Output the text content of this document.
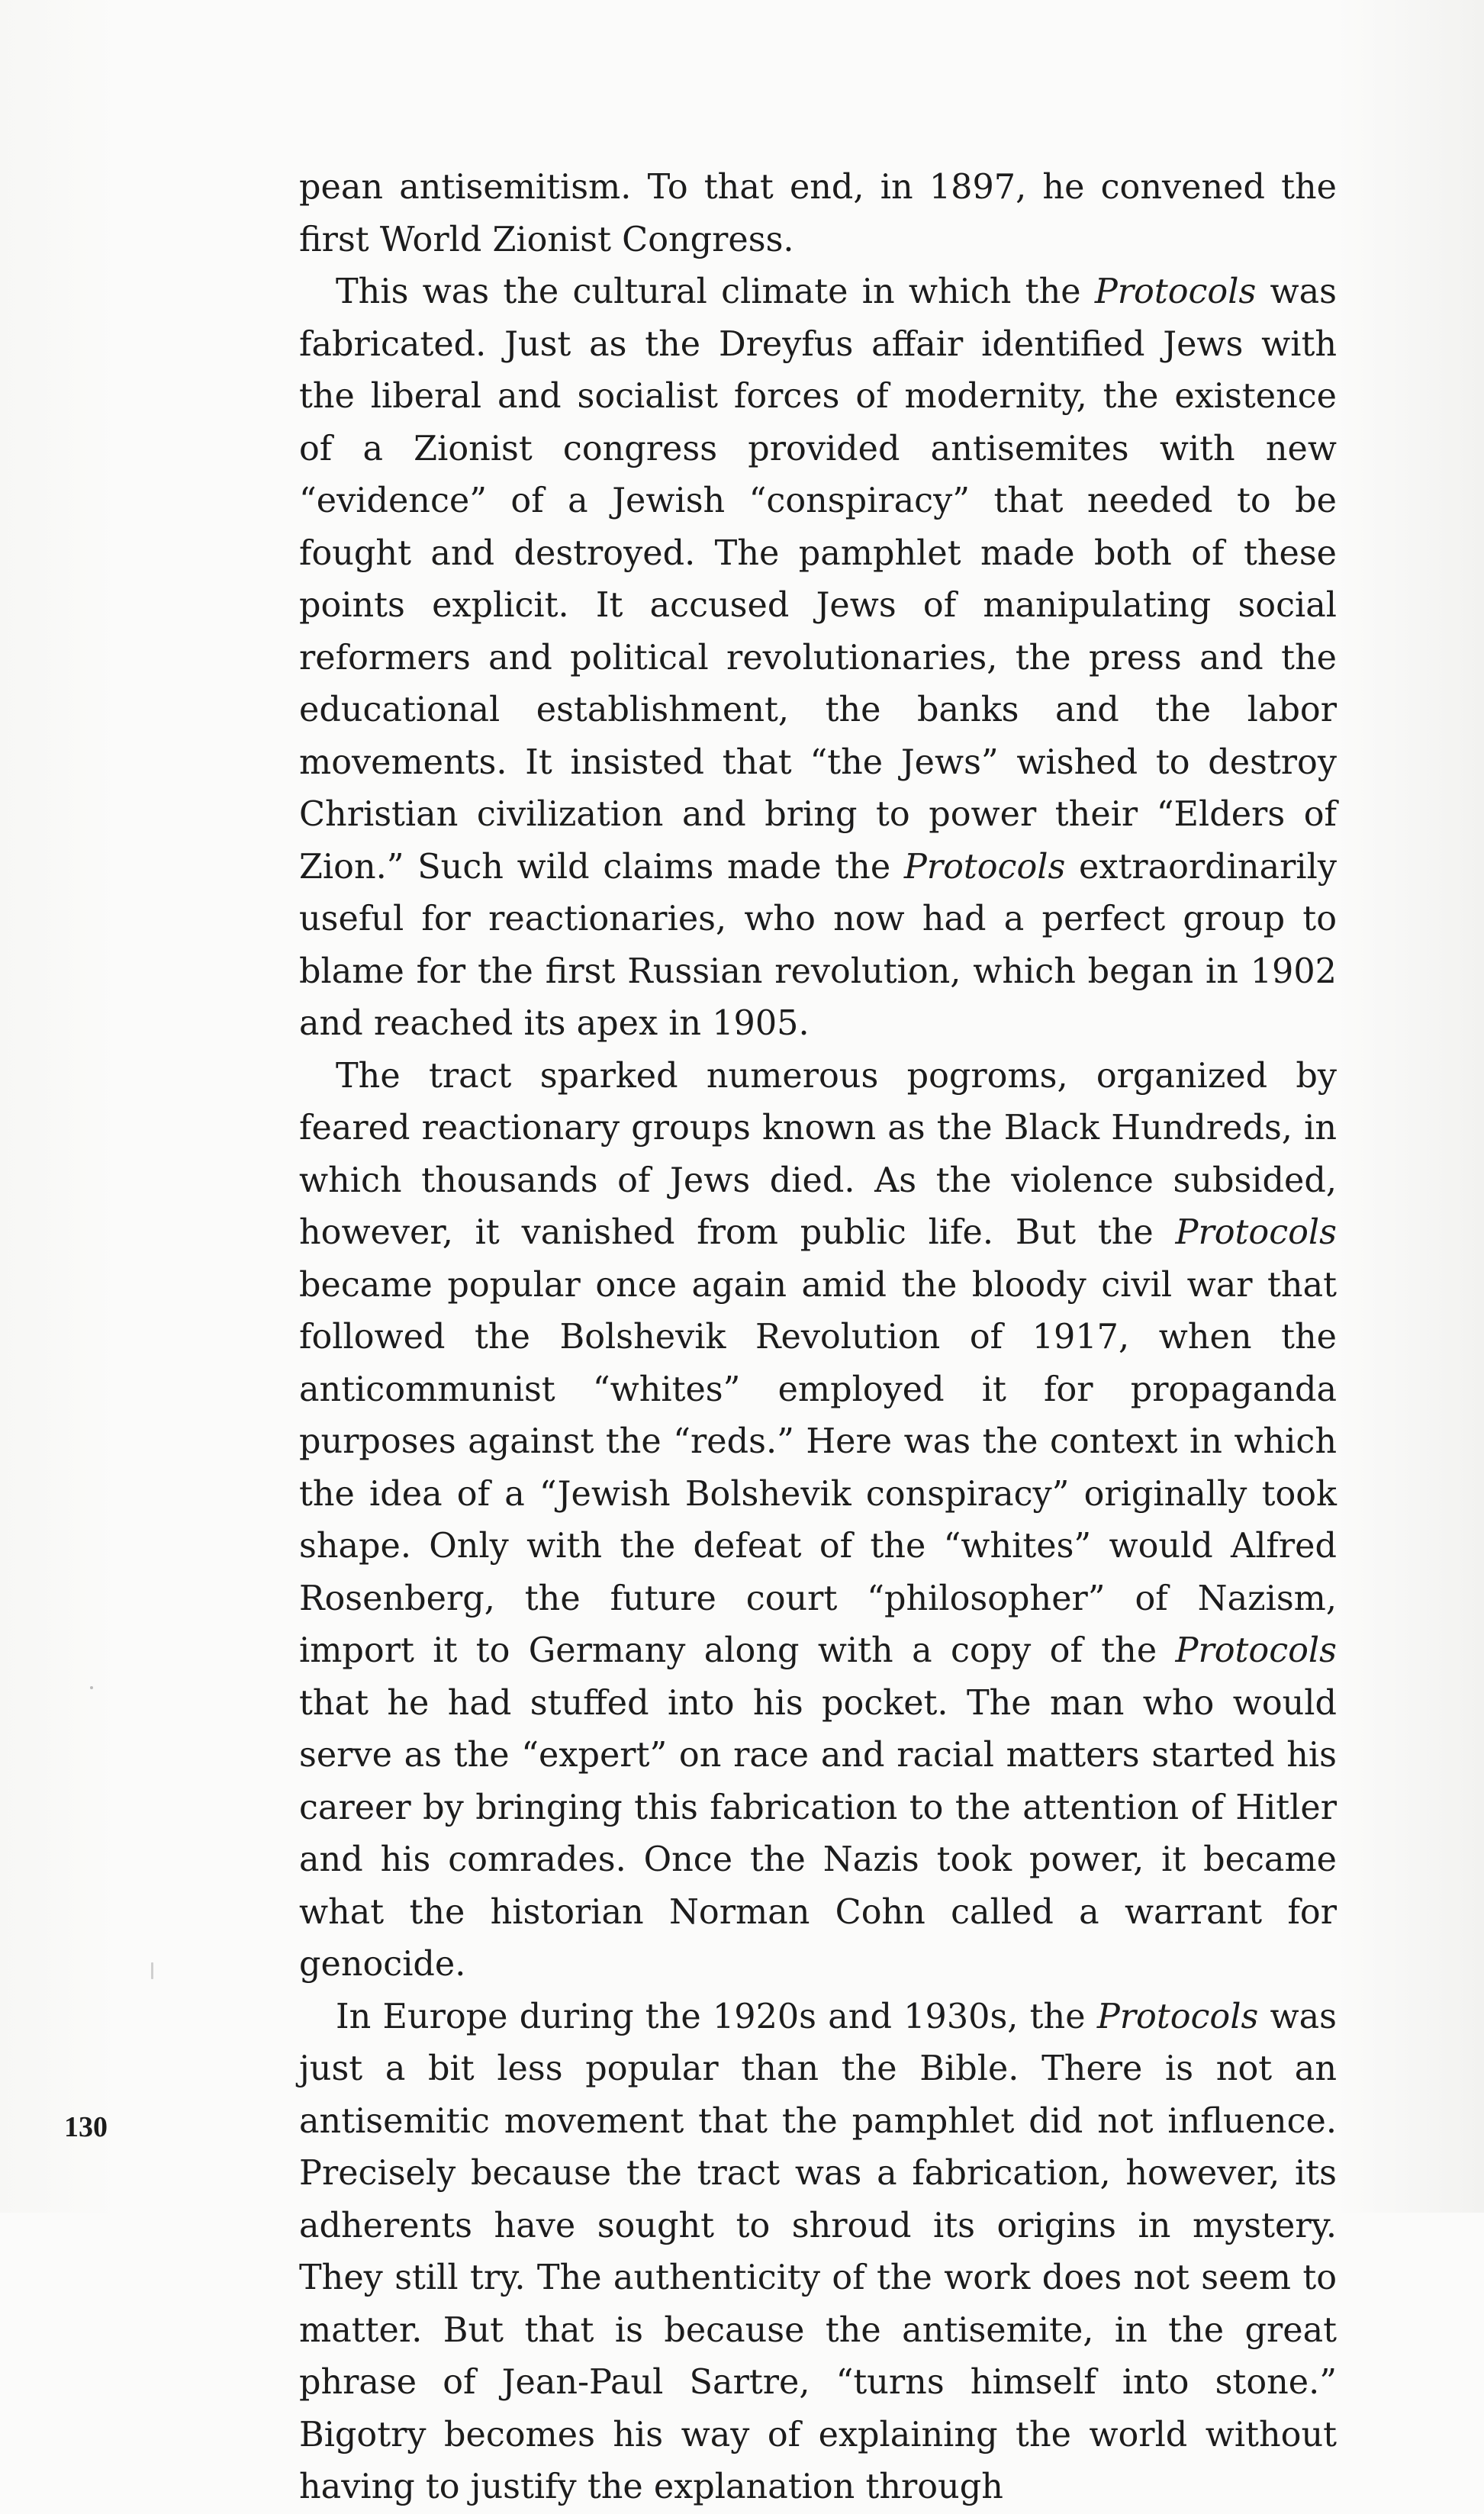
pean antisemitism. To that end, in 1897, he convened the first World Zionist Congress.

This was the cultural climate in which the Protocols was fabricated. Just as the Dreyfus affair identified Jews with the liberal and socialist forces of modernity, the existence of a Zionist congress provided antisemites with new “evidence” of a Jewish “conspiracy” that needed to be fought and destroyed. The pamphlet made both of these points explicit. It accused Jews of manipulating social reformers and political revolutionaries, the press and the educational establishment, the banks and the labor movements. It insisted that “the Jews” wished to destroy Christian civilization and bring to power their “Elders of Zion.” Such wild claims made the Protocols extraordinarily useful for reactionaries, who now had a perfect group to blame for the first Russian revolution, which began in 1902 and reached its apex in 1905.

The tract sparked numerous pogroms, organized by feared reactionary groups known as the Black Hundreds, in which thousands of Jews died. As the violence subsided, however, it vanished from public life. But the Protocols became popular once again amid the bloody civil war that followed the Bolshevik Revolution of 1917, when the anticommunist “whites” employed it for propaganda purposes against the “reds.” Here was the context in which the idea of a “Jewish Bolshevik conspiracy” originally took shape. Only with the defeat of the “whites” would Alfred Rosenberg, the future court “philosopher” of Nazism, import it to Germany along with a copy of the Protocols that he had stuffed into his pocket. The man who would serve as the “expert” on race and racial matters started his career by bringing this fabrication to the attention of Hitler and his comrades. Once the Nazis took power, it became what the historian Norman Cohn called a warrant for genocide.

In Europe during the 1920s and 1930s, the Protocols was just a bit less popular than the Bible. There is not an antisemitic movement that the pamphlet did not influence. Precisely because the tract was a fabrication, however, its adherents have sought to shroud its origins in mystery. They still try. The authenticity of the work does not seem to matter. But that is because the antisemite, in the great phrase of Jean-Paul Sartre, “turns himself into stone.” Bigotry becomes his way of explaining the world without having to justify the explanation through

130
